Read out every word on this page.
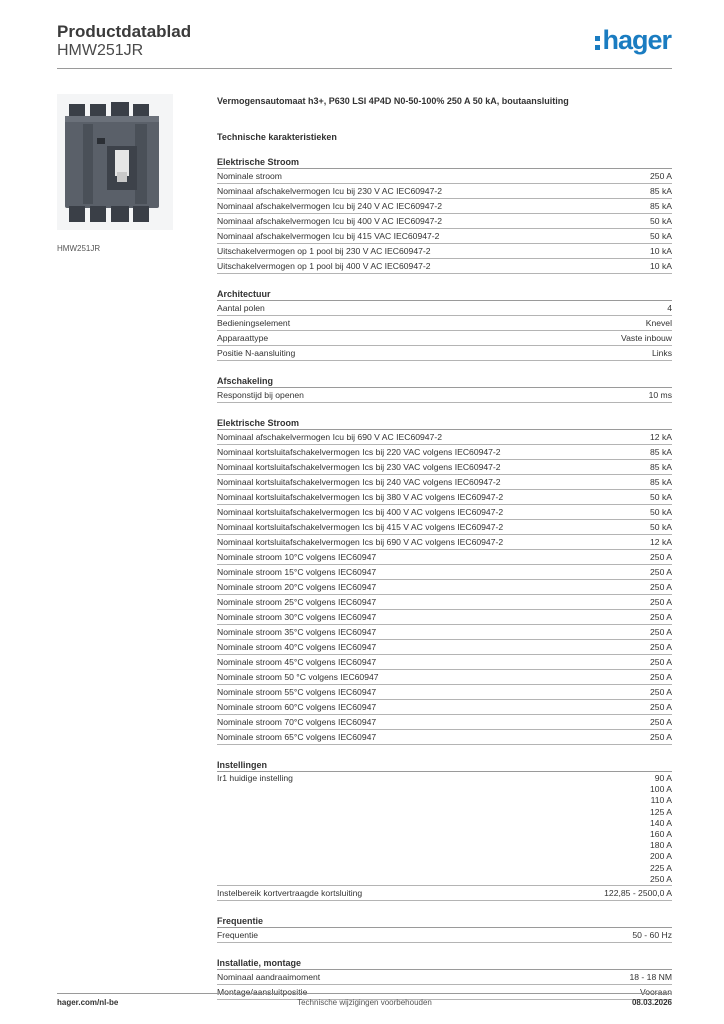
Productdatablad
HMW251JR	hager
HMW251JR
Vermogensautomaat h3+, P630 LSI 4P4D N0-50-100% 250 A 50 kA, boutaansluiting
Technische karakteristieken
Elektrische Stroom
Nominale stroom	250 A
Nominaal afschakelvermogen Icu bij 230 V AC IEC60947-2	85 kA
Nominaal afschakelvermogen Icu bij 240 V AC IEC60947-2	85 kA
Nominaal afschakelvermogen Icu bij 400 V AC IEC60947-2	50 kA
Nominaal afschakelvermogen Icu bij 415 VAC IEC60947-2	50 kA
Uitschakelvermogen op 1 pool bij 230 V AC IEC60947-2	10 kA
Uitschakelvermogen op 1 pool bij 400 V AC IEC60947-2	10 kA
Architectuur
Aantal polen	4
Bedieningselement	Knevel
Apparaattype	Vaste inbouw
Positie N-aansluiting	Links
Afschakeling
Responstijd bij openen	10 ms
Elektrische Stroom
Nominaal afschakelvermogen Icu bij 690 V AC IEC60947-2	12 kA
Nominaal kortsluitafschakelvermogen Ics bij 220 VAC volgens IEC60947-2	85 kA
Nominaal kortsluitafschakelvermogen Ics bij 230 VAC volgens IEC60947-2	85 kA
Nominaal kortsluitafschakelvermogen Ics bij 240 VAC volgens IEC60947-2	85 kA
Nominaal kortsluitafschakelvermogen Ics bij 380 V AC volgens IEC60947-2	50 kA
Nominaal kortsluitafschakelvermogen Ics bij 400 V AC volgens IEC60947-2	50 kA
Nominaal kortsluitafschakelvermogen Ics bij 415 V AC volgens IEC60947-2	50 kA
Nominaal kortsluitafschakelvermogen Ics bij 690 V AC volgens IEC60947-2	12 kA
Nominale stroom 10°C volgens IEC60947	250 A
Nominale stroom 15°C volgens IEC60947	250 A
Nominale stroom 20°C volgens IEC60947	250 A
Nominale stroom 25°C volgens IEC60947	250 A
Nominale stroom 30°C volgens IEC60947	250 A
Nominale stroom 35°C volgens IEC60947	250 A
Nominale stroom 40°C volgens IEC60947	250 A
Nominale stroom 45°C volgens IEC60947	250 A
Nominale stroom 50 °C volgens IEC60947	250 A
Nominale stroom 55°C volgens IEC60947	250 A
Nominale stroom 60°C volgens IEC60947	250 A
Nominale stroom 70°C volgens IEC60947	250 A
Nominale stroom 65°C volgens IEC60947	250 A
Instellingen
Ir1 huidige instelling	90 A
100 A
110 A
125 A
140 A
160 A
180 A
200 A
225 A
250 A
Instelbereik kortvertraagde kortsluiting	122,85 - 2500,0 A
Frequentie
Frequentie	50 - 60 Hz
Installatie, montage
Nominaal aandraaimoment	18 - 18 NM
Montage/aansluitpositie	Vooraan
hager.com/nl-be	Technische wijzigingen voorbehouden	08.03.2026
